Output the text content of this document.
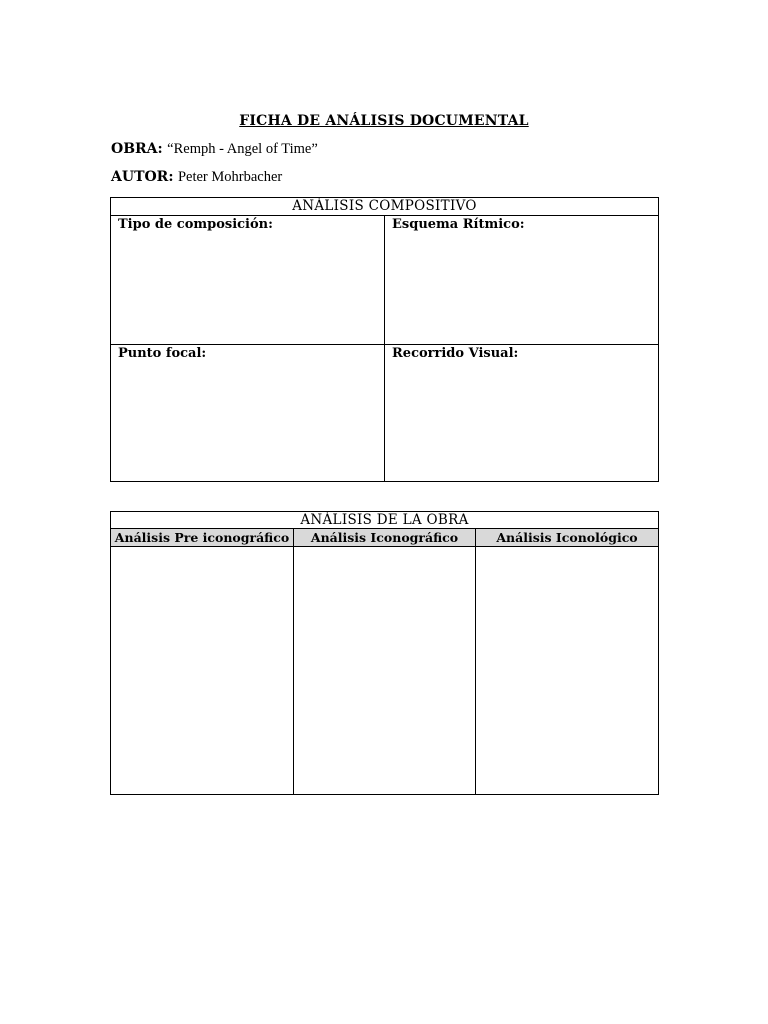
FICHA DE ANÁLISIS DOCUMENTAL
OBRA: “Remph - Angel of Time”
AUTOR: Peter Mohrbacher
ANÁLISIS COMPOSITIVO	

Tipo de composición:	Esquema Rítmico:

Punto focal:	Recorrido Visual:
ANÁLISIS DE LA OBRA		
Análisis Pre iconográfico	Análisis Iconográfico	Análisis Iconológico
